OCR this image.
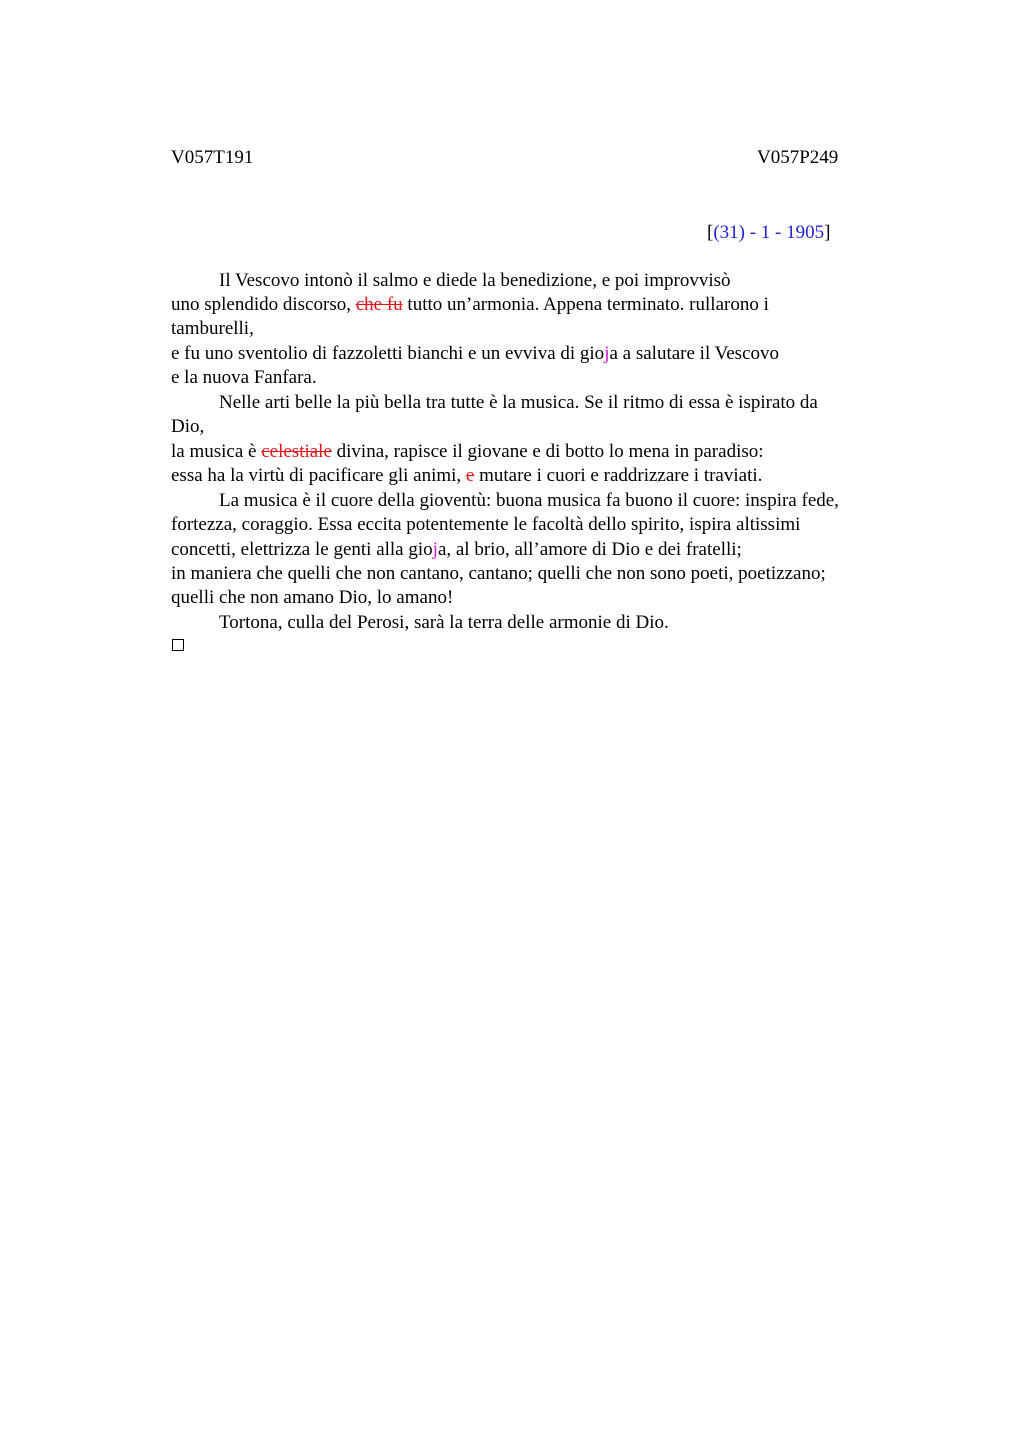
V057T191	V057P249
[(31) - 1 - 1905]
Il Vescovo intonò il salmo e diede la benedizione, e poi improvvisò
uno splendido discorso, che fu tutto un’armonia. Appena terminato. rullarono i
tamburelli,
e fu uno sventolio di fazzoletti bianchi e un evviva di gioja a salutare il Vescovo
e la nuova Fanfara.
Nelle arti belle la più bella tra tutte è la musica. Se il ritmo di essa è ispirato da
Dio,
la musica è celestiale divina, rapisce il giovane e di botto lo mena in paradiso:
essa ha la virtù di pacificare gli animi, e mutare i cuori e raddrizzare i traviati.
La musica è il cuore della gioventù: buona musica fa buono il cuore: inspira fede,
fortezza, coraggio. Essa eccita potentemente le facoltà dello spirito, ispira altissimi
concetti, elettrizza le genti alla gioja, al brio, all’amore di Dio e dei fratelli;
in maniera che quelli che non cantano, cantano; quelli che non sono poeti, poetizzano;
quelli che non amano Dio, lo amano!
Tortona, culla del Perosi, sarà la terra delle armonie di Dio.
